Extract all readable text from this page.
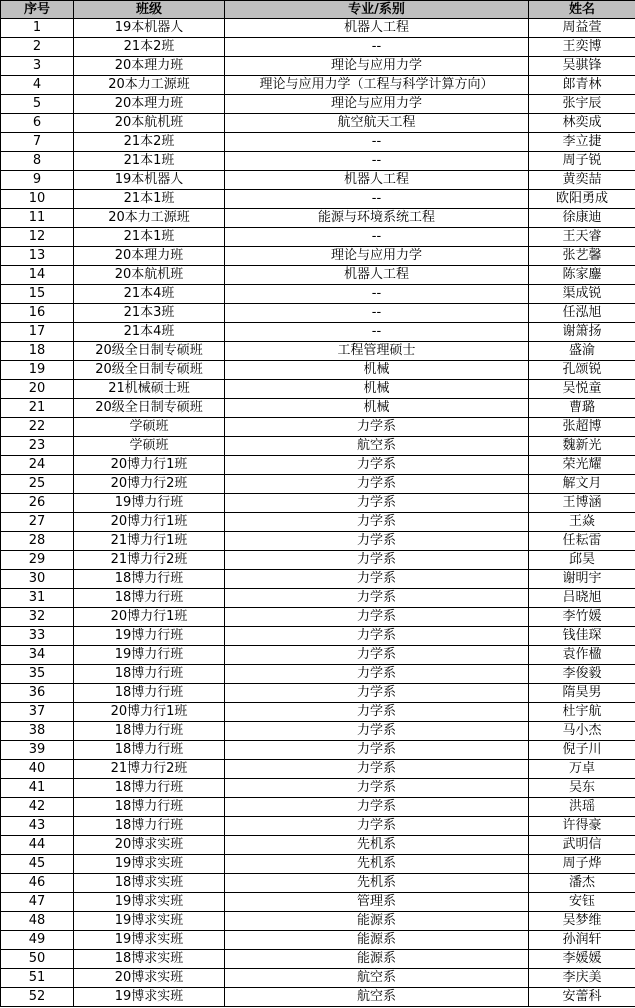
序号	班级	专业/系别	姓名
1	19本机器人	机器人工程	周益萱
2	21本2班	--	王奕博
3	20本理力班	理论与应用力学	吴骐锋
4	20本力工源班	理论与应用力学（工程与科学计算方向）	郎青林
5	20本理力班	理论与应用力学	张宇辰
6	20本航机班	航空航天工程	林奕成
7	21本2班	--	李立捷
8	21本1班	--	周子锐
9	19本机器人	机器人工程	黄奕喆
10	21本1班	--	欧阳勇成
11	20本力工源班	能源与环境系统工程	徐康迪
12	21本1班	--	王天睿
13	20本理力班	理论与应用力学	张艺馨
14	20本航机班	机器人工程	陈家鏖
15	21本4班	--	渠成锐
16	21本3班	--	任泓旭
17	21本4班	--	谢箫扬
18	20级全日制专硕班	工程管理硕士	盛渝
19	20级全日制专硕班	机械	孔颂锐
20	21机械硕士班	机械	吴悦童
21	20级全日制专硕班	机械	曹璐
22	学硕班	力学系	张超博
23	学硕班	航空系	魏新光
24	20博力行1班	力学系	荣光耀
25	20博力行2班	力学系	解文月
26	19博力行班	力学系	王博涵
27	20博力行1班	力学系	王焱
28	21博力行1班	力学系	任耘雷
29	21博力行2班	力学系	邱昊
30	18博力行班	力学系	谢明宇
31	18博力行班	力学系	吕晓旭
32	20博力行1班	力学系	李竹媛
33	19博力行班	力学系	钱佳琛
34	19博力行班	力学系	袁作楹
35	18博力行班	力学系	李俊毅
36	18博力行班	力学系	隋昊男
37	20博力行1班	力学系	杜宇航
38	18博力行班	力学系	马小杰
39	18博力行班	力学系	倪子川
40	21博力行2班	力学系	万卓
41	18博力行班	力学系	吴东
42	18博力行班	力学系	洪瑶
43	18博力行班	力学系	许得豪
44	20博求实班	先机系	武明信
45	19博求实班	先机系	周子烨
46	18博求实班	先机系	潘杰
47	19博求实班	管理系	安钰
48	19博求实班	能源系	吴梦维
49	19博求实班	能源系	孙润轩
50	18博求实班	能源系	李媛媛
51	20博求实班	航空系	李庆美
52	19博求实班	航空系	安蕾科
